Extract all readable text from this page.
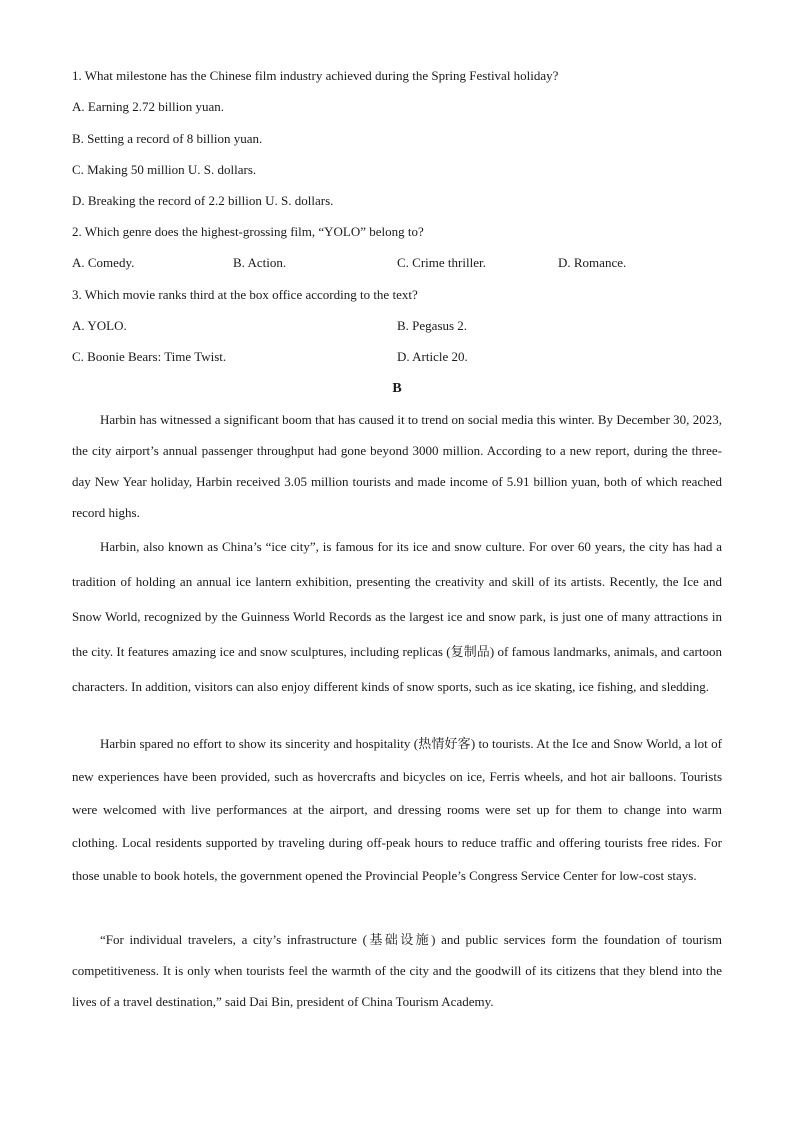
1. What milestone has the Chinese film industry achieved during the Spring Festival holiday?
A. Earning 2.72 billion yuan.
B. Setting a record of 8 billion yuan.
C. Making 50 million U. S. dollars.
D. Breaking the record of 2.2 billion U. S. dollars.
2. Which genre does the highest-grossing film, “YOLO” belong to?
A. Comedy.	B. Action.	C. Crime thriller.	D. Romance.
3. Which movie ranks third at the box office according to the text?
A. YOLO.	B. Pegasus 2.
C. Boonie Bears: Time Twist.	D. Article 20.
B
Harbin has witnessed a significant boom that has caused it to trend on social media this winter. By December 30, 2023, the city airport’s annual passenger throughput had gone beyond 3000 million. According to a new report, during the three-day New Year holiday, Harbin received 3.05 million tourists and made income of 5.91 billion yuan, both of which reached record highs.
Harbin, also known as China’s “ice city”, is famous for its ice and snow culture. For over 60 years, the city has had a tradition of holding an annual ice lantern exhibition, presenting the creativity and skill of its artists. Recently, the Ice and Snow World, recognized by the Guinness World Records as the largest ice and snow park, is just one of many attractions in the city. It features amazing ice and snow sculptures, including replicas (复制品) of famous landmarks, animals, and cartoon characters. In addition, visitors can also enjoy different kinds of snow sports, such as ice skating, ice fishing, and sledding.
Harbin spared no effort to show its sincerity and hospitality (热情好客) to tourists. At the Ice and Snow World, a lot of new experiences have been provided, such as hovercrafts and bicycles on ice, Ferris wheels, and hot air balloons. Tourists were welcomed with live performances at the airport, and dressing rooms were set up for them to change into warm clothing. Local residents supported by traveling during off-peak hours to reduce traffic and offering tourists free rides. For those unable to book hotels, the government opened the Provincial People’s Congress Service Center for low-cost stays.
“For individual travelers, a city’s infrastructure (基础设施) and public services form the foundation of tourism competitiveness. It is only when tourists feel the warmth of the city and the goodwill of its citizens that they blend into the lives of a travel destination,” said Dai Bin, president of China Tourism Academy.
